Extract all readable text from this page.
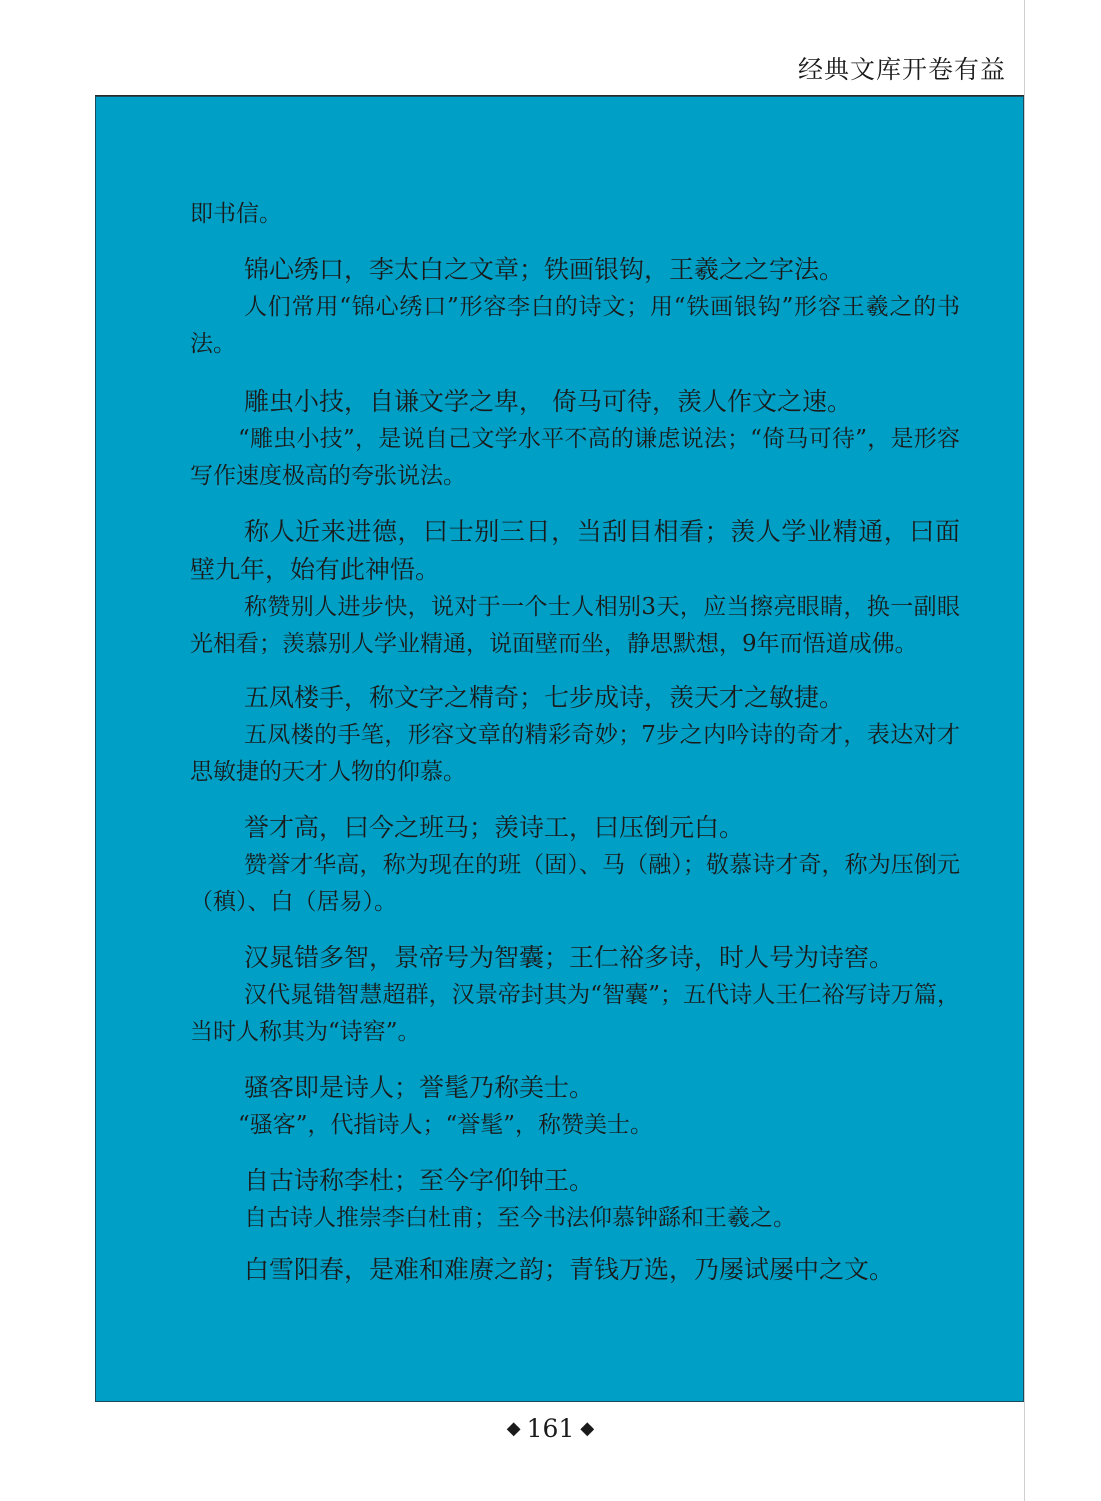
经典文库开卷有益

即书信。

锦心绣口，李太白之文章；铁画银钩，王羲之之字法。

人们常用“锦心绣口”形容李白的诗文；用“铁画银钩”形容王羲之的书法。

雕虫小技，自谦文学之卑， 倚马可待，羡人作文之速。

“雕虫小技”，是说自己文学水平不高的谦虑说法；“倚马可待”，是形容写作速度极高的夸张说法。

称人近来进德，曰士别三日，当刮目相看；羡人学业精通，曰面壁九年，始有此神悟。

称赞别人进步快，说对于一个士人相别3天，应当擦亮眼睛，换一副眼光相看；羡慕别人学业精通，说面壁而坐，静思默想，9年而悟道成佛。

五凤楼手，称文字之精奇；七步成诗，羡天才之敏捷。

五凤楼的手笔，形容文章的精彩奇妙；7步之内吟诗的奇才，表达对才思敏捷的天才人物的仰慕。

誉才高，曰今之班马；羡诗工，曰压倒元白。

赞誉才华高，称为现在的班（固）、马（融）；敬慕诗才奇，称为压倒元（稹）、白（居易）。

汉晁错多智，景帝号为智囊；王仁裕多诗，时人号为诗窖。

汉代晁错智慧超群，汉景帝封其为“智囊”；五代诗人王仁裕写诗万篇，当时人称其为“诗窖”。

骚客即是诗人；誉髦乃称美士。

“骚客”，代指诗人；“誉髦”，称赞美士。

自古诗称李杜；至今字仰钟王。

自古诗人推崇李白杜甫；至今书法仰慕钟繇和王羲之。

白雪阳春，是难和难赓之韵；青钱万选，乃屡试屡中之文。

◆ 161 ◆
